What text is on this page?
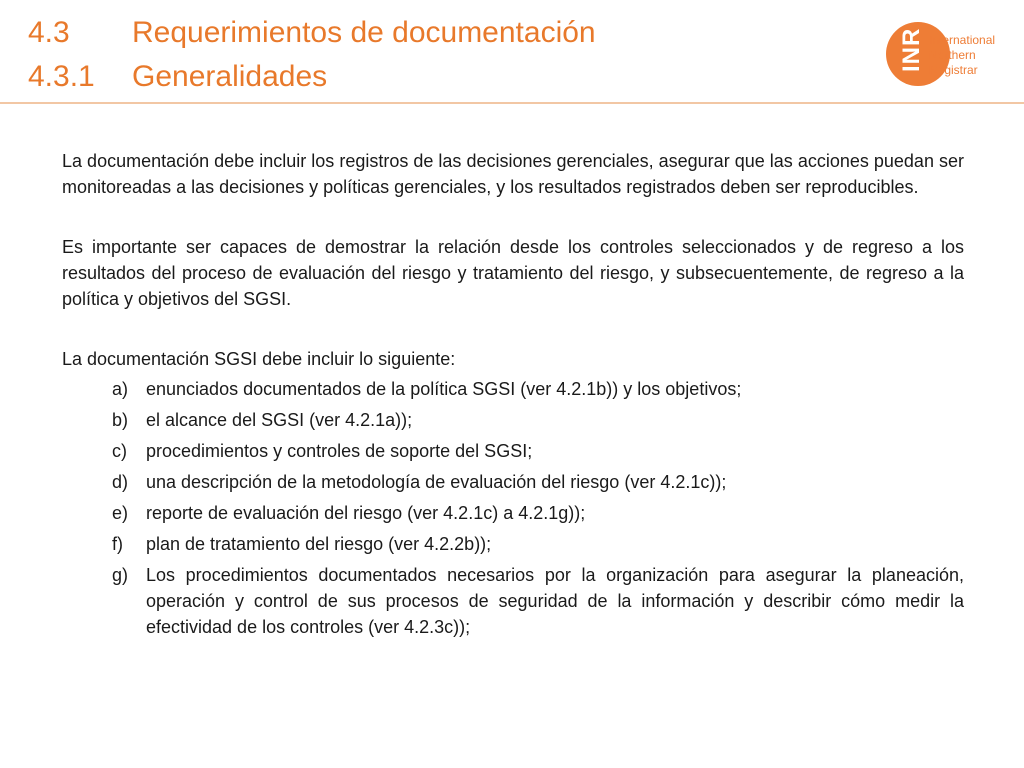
4.3 Requerimientos de documentación
4.3.1 Generalidades
INR International
Northern
Registrar

La documentación debe incluir los registros de las decisiones gerenciales, asegurar que las acciones puedan ser monitoreadas a las decisiones y políticas gerenciales, y los resultados registrados deben ser reproducibles.

Es importante ser capaces de demostrar la relación desde los controles seleccionados y de regreso a los resultados del proceso de evaluación del riesgo y tratamiento del riesgo, y subsecuentemente, de regreso a la política y objetivos del SGSI.

La documentación SGSI debe incluir lo siguiente:

a) enunciados documentados de la política SGSI (ver 4.2.1b)) y los objetivos;
b) el alcance del SGSI (ver 4.2.1a));
c) procedimientos y controles de soporte del SGSI;
d) una descripción de la metodología de evaluación del riesgo (ver 4.2.1c));
e) reporte de evaluación del riesgo (ver 4.2.1c) a 4.2.1g));
f) plan de tratamiento del riesgo (ver 4.2.2b));
g) Los procedimientos documentados necesarios por la organización para asegurar la planeación, operación y control de sus procesos de seguridad de la información y describir cómo medir la efectividad de los controles (ver 4.2.3c));
